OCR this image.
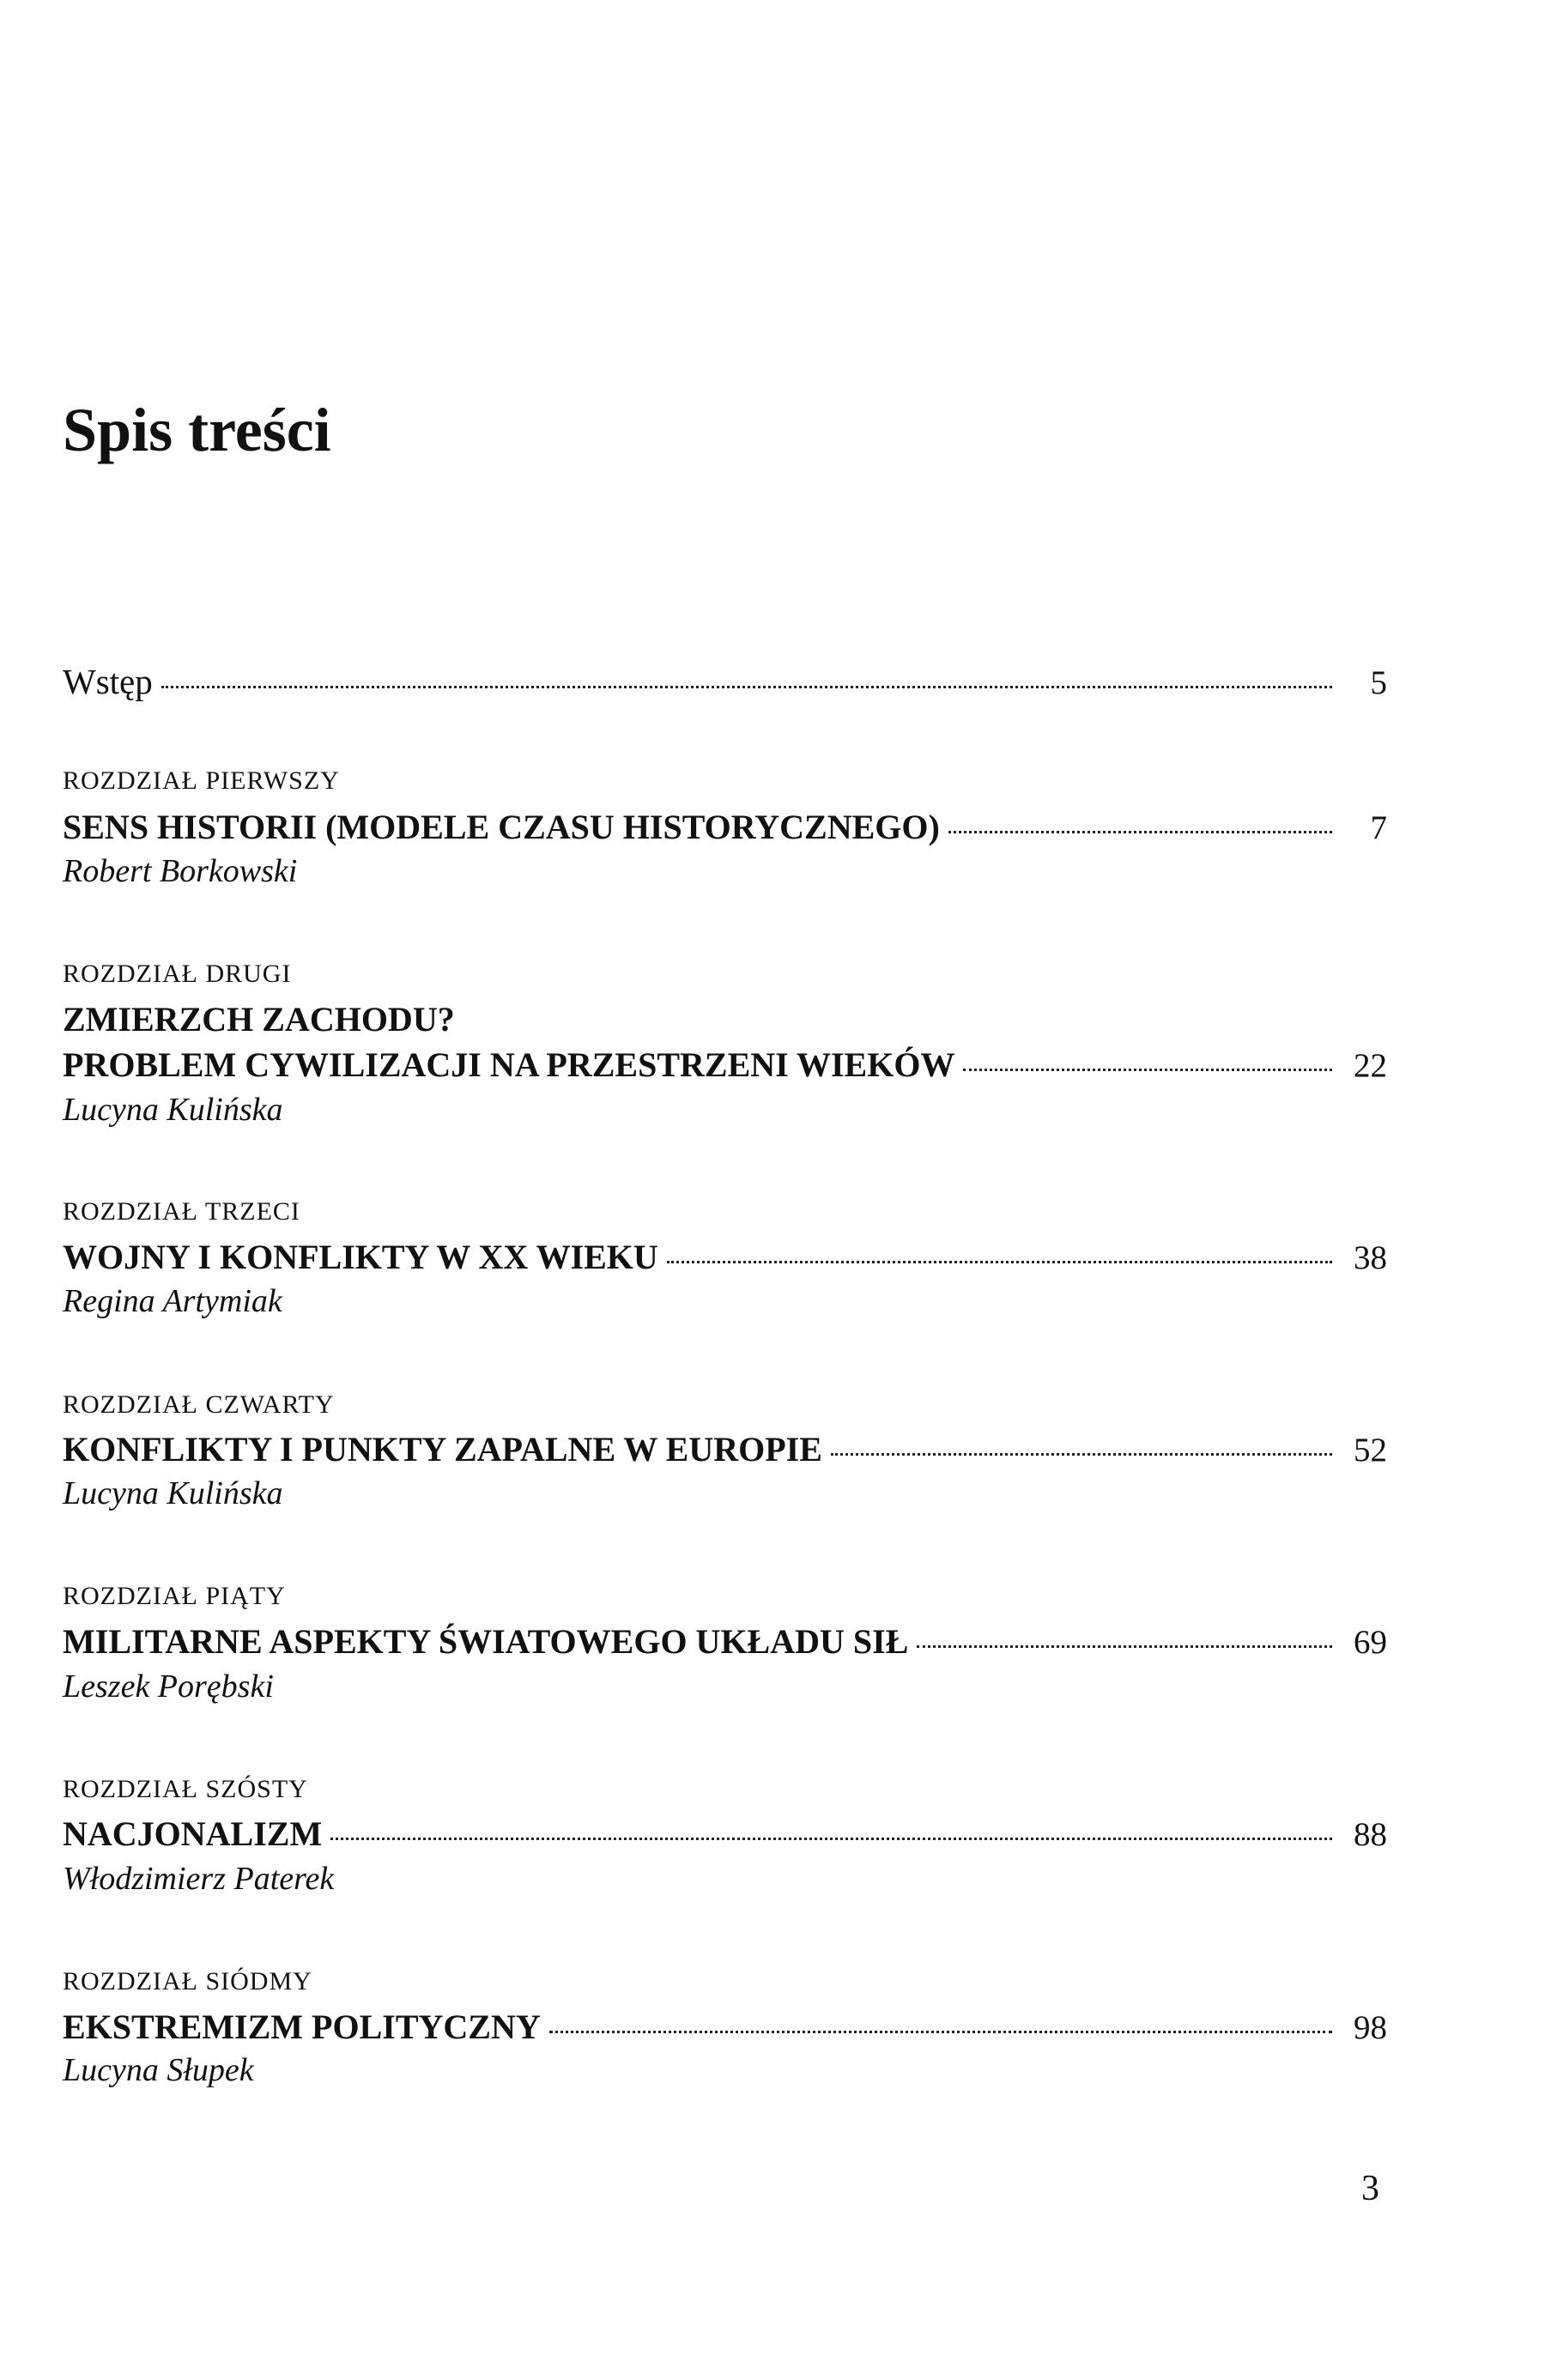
Spis treści
Wstęp	5
ROZDZIAŁ PIERWSZY
SENS HISTORII (MODELE CZASU HISTORYCZNEGO)	7
Robert Borkowski
ROZDZIAŁ DRUGI
ZMIERZCH ZACHODU?
PROBLEM CYWILIZACJI NA PRZESTRZENI WIEKÓW	22
Lucyna Kulińska
ROZDZIAŁ TRZECI
WOJNY I KONFLIKTY W XX WIEKU	38
Regina Artymiak
ROZDZIAŁ CZWARTY
KONFLIKTY I PUNKTY ZAPALNE W EUROPIE	52
Lucyna Kulińska
ROZDZIAŁ PIĄTY
MILITARNE ASPEKTY ŚWIATOWEGO UKŁADU SIŁ	69
Leszek Porębski
ROZDZIAŁ SZÓSTY
NACJONALIZM	88
Włodzimierz Paterek
ROZDZIAŁ SIÓDMY
EKSTREMIZM POLITYCZNY	98
Lucyna Słupek
3
